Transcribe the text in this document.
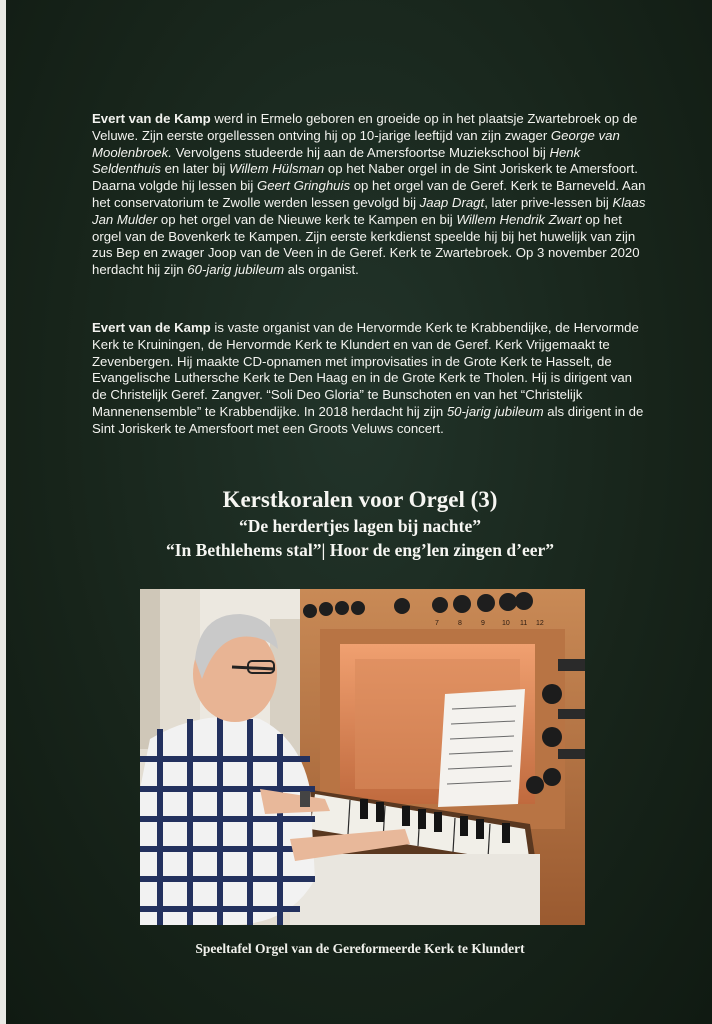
Evert van de Kamp werd in Ermelo geboren en groeide op in het plaatsje Zwartebroek op de Veluwe. Zijn eerste orgellessen ontving hij op 10-jarige leeftijd van zijn zwager George van Moolenbroek. Vervolgens studeerde hij aan de Amersfoortse Muziekschool bij Henk Seldenthuis en later bij Willem Hülsman op het Naber orgel in de Sint Joriskerk te Amersfoort. Daarna volgde hij lessen bij Geert Gringhuis op het orgel van de Geref. Kerk te Barneveld. Aan het conservatorium te Zwolle werden lessen gevolgd bij Jaap Dragt, later prive-lessen bij Klaas Jan Mulder op het orgel van de Nieuwe kerk te Kampen en bij Willem Hendrik Zwart op het orgel van de Bovenkerk te Kampen. Zijn eerste kerkdienst speelde hij bij het huwelijk van zijn zus Bep en zwager Joop van de Veen in de Geref. Kerk te Zwartebroek. Op 3 november 2020 herdacht hij zijn 60-jarig jubileum als organist.

Evert van de Kamp is vaste organist van de Hervormde Kerk te Krabbendijke, de Hervormde Kerk te Kruiningen, de Hervormde Kerk te Klundert en van de Geref. Kerk Vrijgemaakt te Zevenbergen. Hij maakte CD-opnamen met improvisaties in de Grote Kerk te Hasselt, de Evangelische Luthersche Kerk te Den Haag en in de Grote Kerk te Tholen. Hij is dirigent van de Christelijk Geref. Zangver. “Soli Deo Gloria” te Bunschoten en van het “Christelijk Mannenensemble” te Krabbendijke. In 2018 herdacht hij zijn 50-jarig jubileum als dirigent in de Sint Joriskerk te Amersfoort met een Groots Veluws concert.

Kerstkoralen voor Orgel (3)
“De herdertjes lagen bij nachte”
“In Bethlehems stal”| Hoor de eng’len zingen d’eer”
7	8	9 10 11 12
Speeltafel Orgel van de Gereformeerde Kerk te Klundert
